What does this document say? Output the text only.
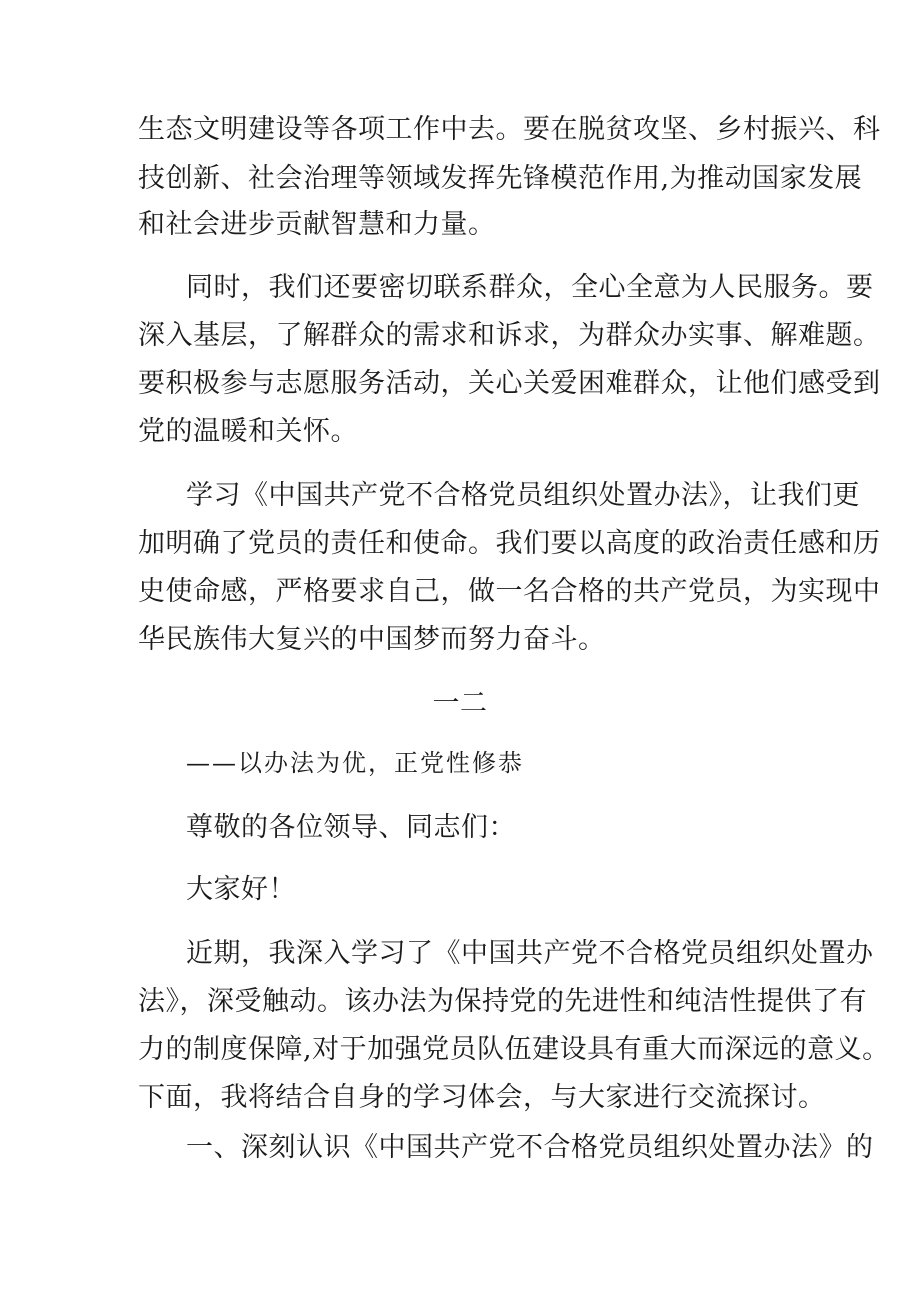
生态文明建设等各项工作中去。要在脱贫攻坚、乡村振兴、科
技创新、社会治理等领域发挥先锋模范作用,为推动国家发展
和社会进步贡献智慧和力量。
同时，我们还要密切联系群众，全心全意为人民服务。要
深入基层，了解群众的需求和诉求，为群众办实事、解难题。
要积极参与志愿服务活动，关心关爱困难群众，让他们感受到
党的温暖和关怀。
学习《中国共产党不合格党员组织处置办法》，让我们更
加明确了党员的责任和使命。我们要以高度的政治责任感和历
史使命感，严格要求自己，做一名合格的共产党员，为实现中
华民族伟大复兴的中国梦而努力奋斗。
一二
——以办法为优，正党性修恭
尊敬的各位领导、同志们：
大家好！
近期，我深入学习了《中国共产党不合格党员组织处置办
法》，深受触动。该办法为保持党的先进性和纯洁性提供了有
力的制度保障,对于加强党员队伍建设具有重大而深远的意义。
下面，我将结合自身的学习体会，与大家进行交流探讨。
一、深刻认识《中国共产党不合格党员组织处置办法》的
